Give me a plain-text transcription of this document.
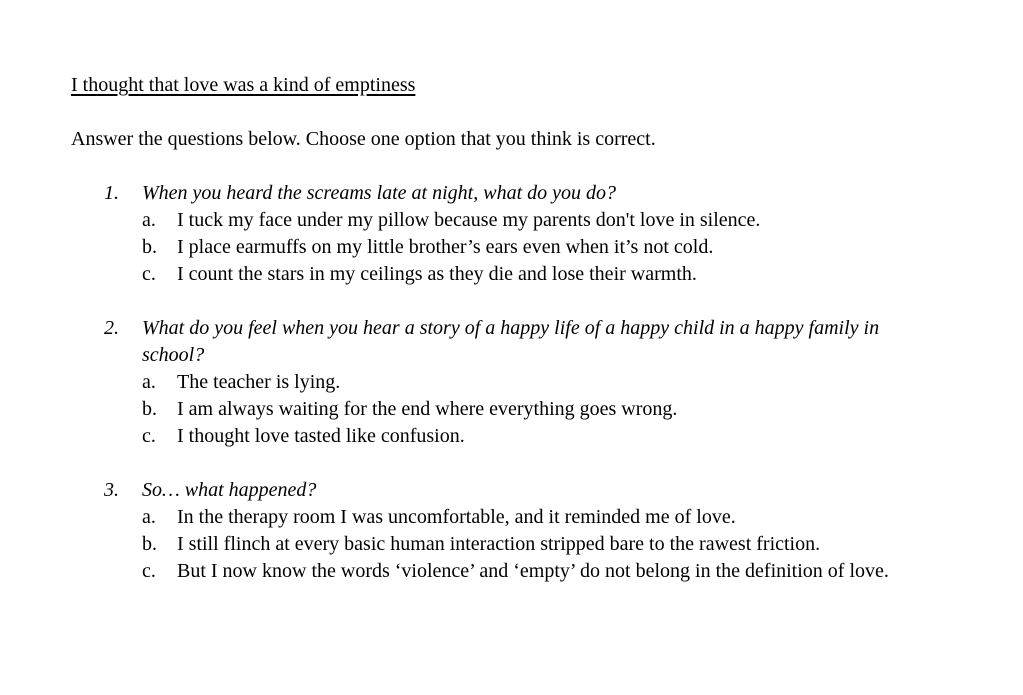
I thought that love was a kind of emptiness
Answer the questions below. Choose one option that you think is correct.
1. When you heard the screams late at night, what do you do?
a. I tuck my face under my pillow because my parents don't love in silence.
b. I place earmuffs on my little brother’s ears even when it’s not cold.
c. I count the stars in my ceilings as they die and lose their warmth.
2. What do you feel when you hear a story of a happy life of a happy child in a happy family in school?
a. The teacher is lying.
b. I am always waiting for the end where everything goes wrong.
c. I thought love tasted like confusion.
3. So… what happened?
a. In the therapy room I was uncomfortable, and it reminded me of love.
b. I still flinch at every basic human interaction stripped bare to the rawest friction.
c. But I now know the words ‘violence’ and ‘empty’ do not belong in the definition of love.
